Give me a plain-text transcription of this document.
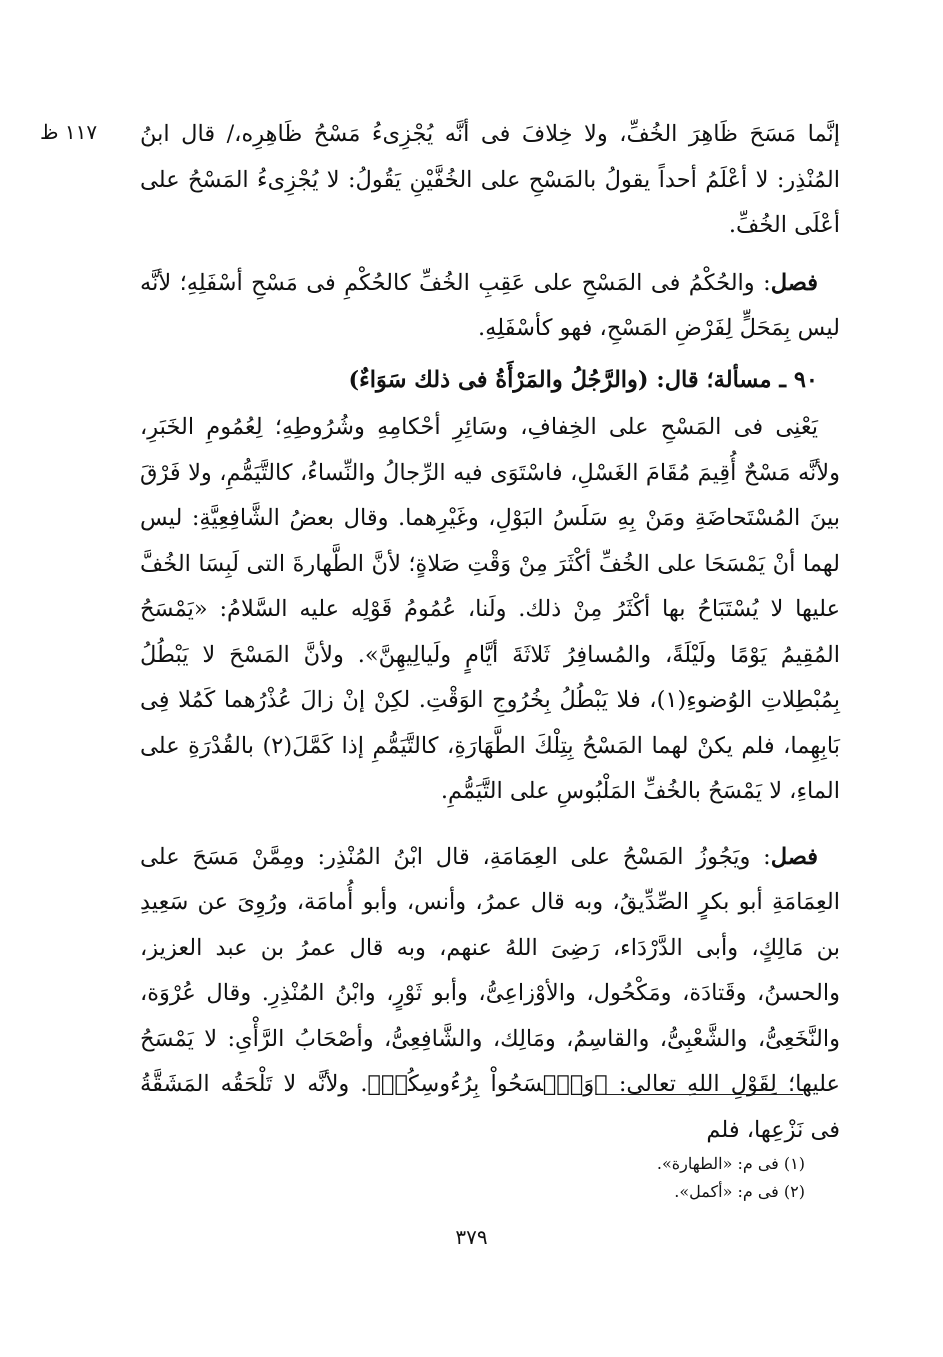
١١٧ ظ	إنَّما مَسَحَ ظَاهِرَ الخُفِّ، ولا خِلافَ فى أنَّه يُجْزِىءُ مَسْحُ ظَاهِرِه،/ قال ابنُ المُنْذِر: لا أعْلَمُ أحداً يقولُ بالمَسْحِ على الخُفَّيْنِ يَقُولُ: لا يُجْزِىءُ المَسْحُ على أعْلَى الخُفِّ.

فصل: والحُكْمُ فى المَسْحِ على عَقِبِ الخُفِّ كالحُكْمِ فى مَسْحِ أسْفَلِهِ؛ لأنَّه ليس بِمَحَلٍّ لِفَرْضِ المَسْحِ، فهو كأسْفَلِهِ.

٩٠ ـ مسألة؛ قال: (والرَّجُلُ والمَرْأَةُ فى ذلك سَوَاءٌ)

يَعْنِى فى المَسْحِ على الخِفافِ، وسَائِرِ أحْكامِهِ وشُرُوطِهِ؛ لِعُمُومِ الخَبَرِ، ولأنَّه مَسْحٌ أُقِيمَ مُقَامَ الغَسْلِ، فاسْتَوَى فيه الرِّجالُ والنِّساءُ، كالتَّيَمُّمِ، ولا فَرْقَ بينَ المُسْتَحاضَةِ ومَنْ بِهِ سَلَسُ البَوْلِ، وغَيْرِهما. وقال بعضُ الشَّافِعِيَّةِ: ليس لهما أنْ يَمْسَحَا على الخُفِّ أكْثَرَ مِنْ وَقْتِ صَلاةٍ؛ لأنَّ الطَّهارةَ التى لَبِسَا الخُفَّ عليها لا يُسْتَبَاحُ بها أكْثَرُ مِنْ ذلك. ولَنا، عُمُومُ قَوْلِه عليه السَّلامُ: «يَمْسَحُ المُقِيمُ يَوْمًا ولَيْلَةً، والمُسافِرُ ثَلاثَةَ أيَّامٍ ولَيالِيهِنَّ». ولأنَّ المَسْحَ لا يَبْطُلُ بِمُبْطِلاتِ الوُضوءِ(١)، فلا يَبْطُلُ بِخُرُوجِ الوَقْتِ. لكِنْ إنْ زالَ عُذْرُهما كَمُلا فِى بَابِهِما، فلم يكنْ لهما المَسْحُ بِتِلْكَ الطَّهَارَةِ، كالتَّيَمُّمِ إذا كَمَّلَ(٢) بالقُدْرَةِ على الماءِ، لا يَمْسَحُ بالخُفِّ المَلْبُوسِ على التَّيَمُّمِ.

فصل: ويَجُوزُ المَسْحُ على العِمَامَةِ، قال ابْنُ المُنْذِر: ومِمَّنْ مَسَحَ على العِمَامَةِ أبو بكرٍ الصِّدِّيقُ، وبه قال عمرُ، وأنس، وأبو أُمامَة، ورُوِىَ عن سَعِيدِ بن مَالِكٍ، وأبى الدَّرْدَاء، رَضِىَ اللهُ عنهم، وبه قال عمرُ بن عبد العزيز، والحسنُ، وقَتادَة، ومَكْحُول، والأوْزاعِىُّ، وأبو ثَوْرٍ، وابْنُ المُنْذِرِ. وقال عُرْوَة، والنَّخَعِىُّ، والشَّعْبِىُّ، والقاسِمُ، ومَالِك، والشَّافِعِىُّ، وأصْحَابُ الرَّأْىِ: لا يَمْسَحُ عليها؛ لِقَوْلِ اللهِ تعالى: ﴿وَٱمۡسَحُواْ بِرُءُوسِكُمۡ﴾. ولأنَّه لا تَلْحَقُه المَشَقَّةُ فى نَزْعِها، فلم

(١) فى م: «الطهارة».

(٢) فى م: «أكمل».

٣٧٩
